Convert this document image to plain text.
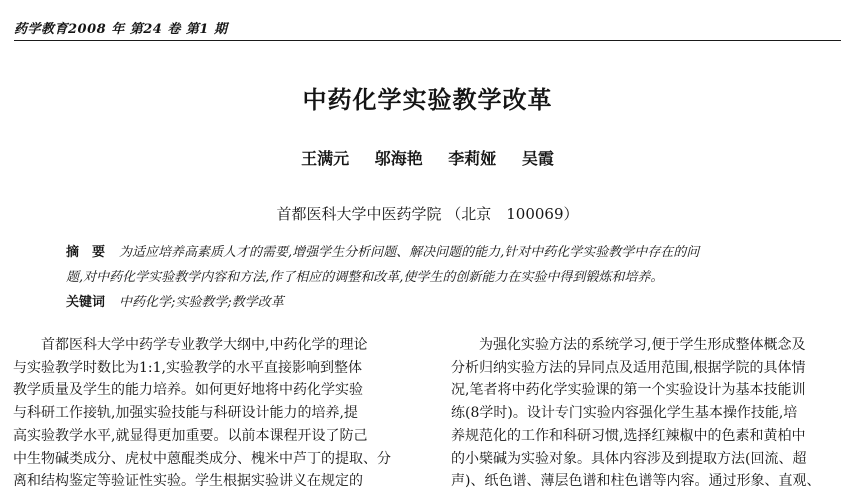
药学教育2008 年 第24 卷 第1 期
中药化学实验教学改革
王满元 邬海艳 李莉娅 吴霞
首都医科大学中医药学院 （北京　100069）
摘　要 为适应培养高素质人才的需要,增强学生分析问题、解决问题的能力,针对中药化学实验教学中存在的问
题,对中药化学实验教学内容和方法,作了相应的调整和改革,使学生的创新能力在实验中得到锻炼和培养。
关键词 中药化学;实验教学;教学改革
　　首都医科大学中药学专业教学大纲中,中药化学的理论
与实验教学时数比为1:1,实验教学的水平直接影响到整体
教学质量及学生的能力培养。如何更好地将中药化学实验
与科研工作接轨,加强实验技能与科研设计能力的培养,提
高实验教学水平,就显得更加重要。以前本课程开设了防己
中生物碱类成分、虎杖中蒽醌类成分、槐米中芦丁的提取、分
离和结构鉴定等验证性实验。学生根据实验讲义在规定的
　　为强化实验方法的系统学习,便于学生形成整体概念及
分析归纳实验方法的异同点及适用范围,根据学院的具体情
况,笔者将中药化学实验课的第一个实验设计为基本技能训
练(8学时)。设计专门实验内容强化学生基本操作技能,培
养规范化的工作和科研习惯,选择红辣椒中的色素和黄柏中
的小檗碱为实验对象。具体内容涉及到提取方法(回流、超
声)、纸色谱、薄层色谱和柱色谱等内容。通过形象、直观、
